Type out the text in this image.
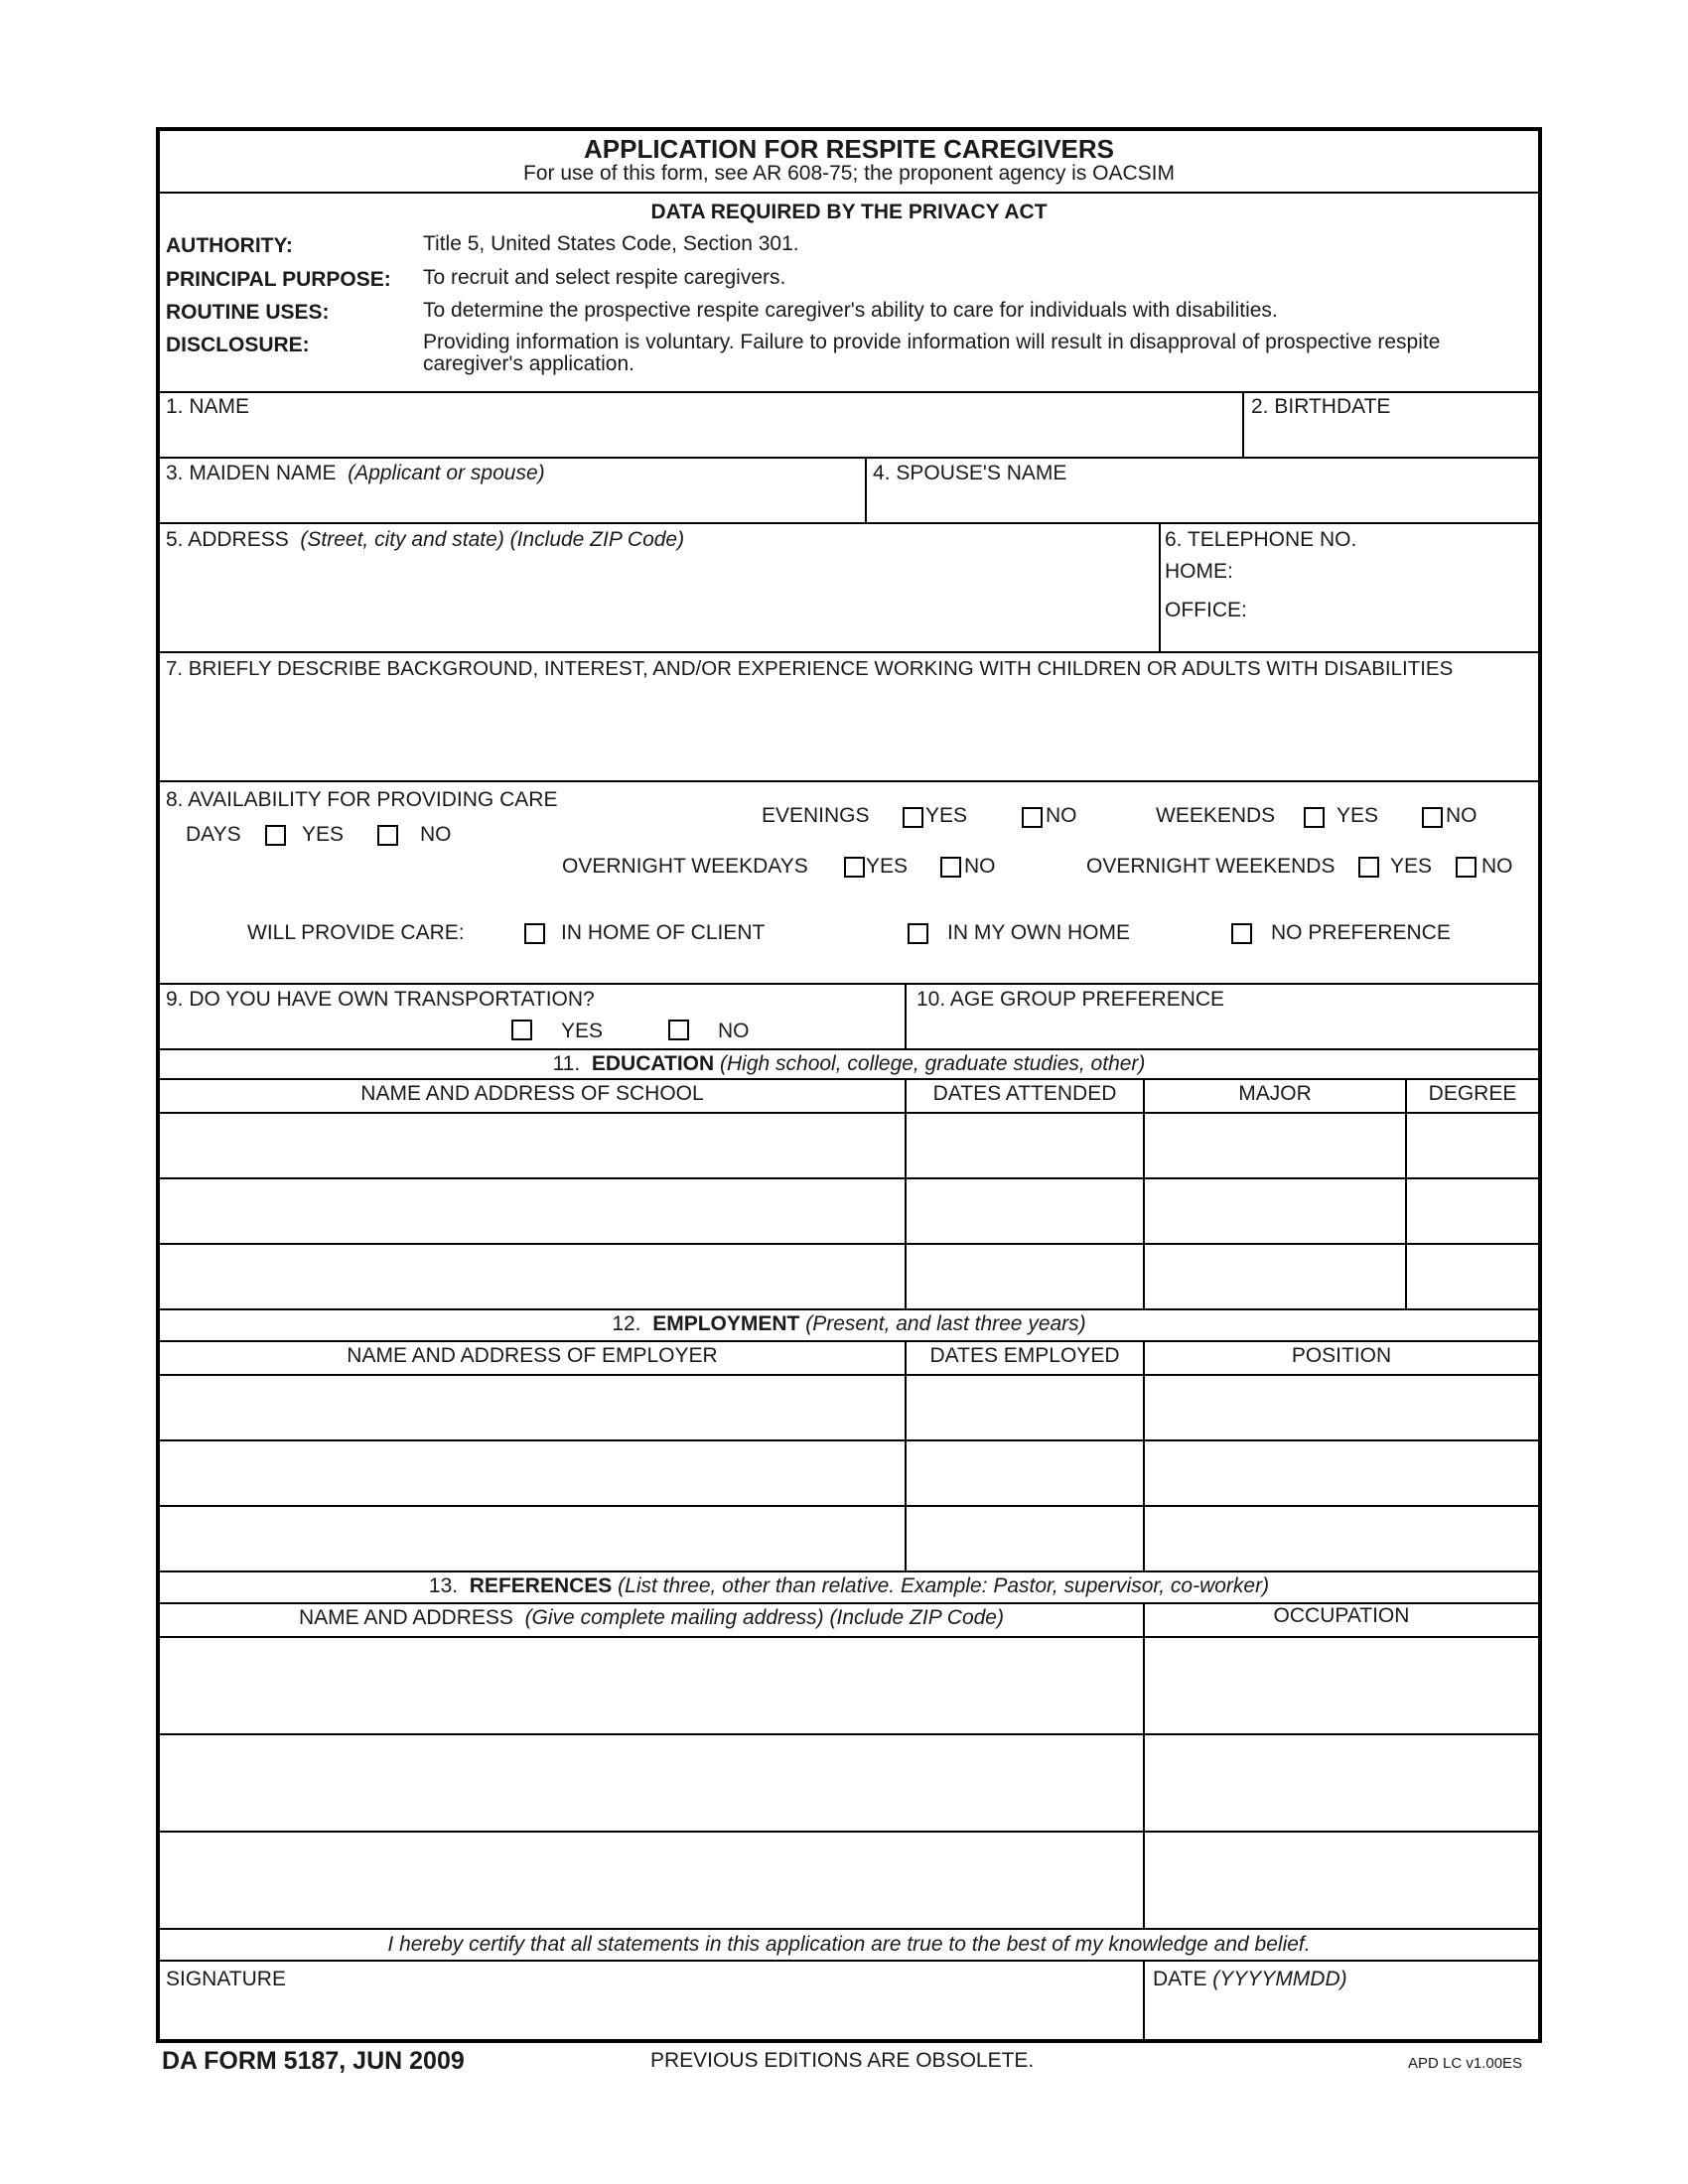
APPLICATION FOR RESPITE CAREGIVERS
For use of this form, see AR 608-75; the proponent agency is OACSIM
DATA REQUIRED BY THE PRIVACY ACT
AUTHORITY:	Title 5, United States Code, Section 301.
PRINCIPAL PURPOSE: To recruit and select respite caregivers.
ROUTINE USES:	To determine the prospective respite caregiver's ability to care for individuals with disabilities.
DISCLOSURE:	Providing information is voluntary. Failure to provide information will result in disapproval of prospective respite
caregiver's application.
1. NAME	2. BIRTHDATE
3. MAIDEN NAME (Applicant or spouse)	4. SPOUSE'S NAME
5. ADDRESS (Street, city and state) (Include ZIP Code)	6. TELEPHONE NO.
HOME:
OFFICE:
7. BRIEFLY DESCRIBE BACKGROUND, INTEREST, AND/OR EXPERIENCE WORKING WITH CHILDREN OR ADULTS WITH DISABILITIES
8. AVAILABILITY FOR PROVIDING CARE
DAYS	YES	NO
EVENINGS	YES	NO	WEEKENDS	YES	NO
OVERNIGHT WEEKDAYS	YES	NO	OVERNIGHT WEEKENDS	YES NO
WILL PROVIDE CARE:	IN HOME OF CLIENT	IN MY OWN HOME	NO PREFERENCE
9. DO YOU HAVE OWN TRANSPORTATION?
YES	NO
10. AGE GROUP PREFERENCE
11. EDUCATION (High school, college, graduate studies, other)
NAME AND ADDRESS OF SCHOOL	DATES ATTENDED	MAJOR	DEGREE
12. EMPLOYMENT (Present, and last three years)
NAME AND ADDRESS OF EMPLOYER	DATES EMPLOYED	POSITION
13. REFERENCES (List three, other than relative. Example: Pastor, supervisor, co-worker)
NAME AND ADDRESS (Give complete mailing address) (Include ZIP Code)	OCCUPATION
I hereby certify that all statements in this application are true to the best of my knowledge and belief.
SIGNATURE	DATE (YYYYMMDD)
DA FORM 5187, JUN 2009	PREVIOUS EDITIONS ARE OBSOLETE.	APD LC v1.00ES
